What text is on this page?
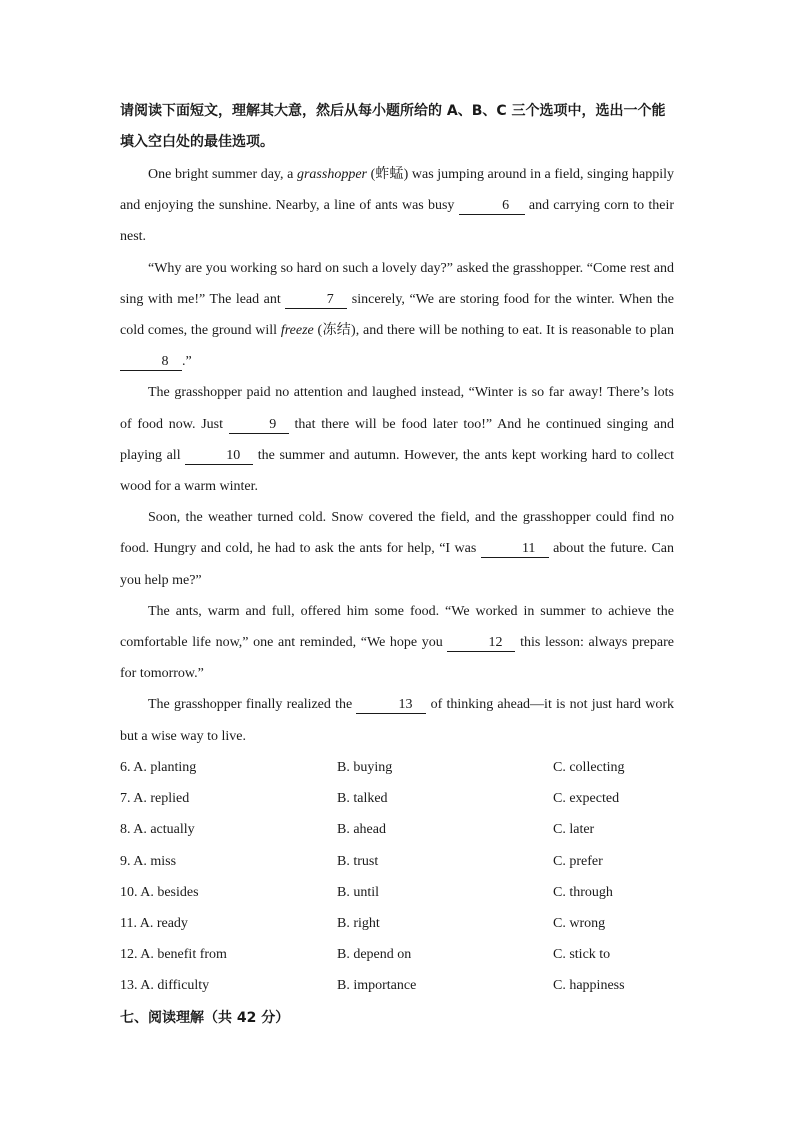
请阅读下面短文，理解其大意，然后从每小题所给的 A、B、C 三个选项中，选出一个能
填入空白处的最佳选项。

One bright summer day, a grasshopper (蚱蜢) was jumping around in a field, singing happily and enjoying the sunshine. Nearby, a line of ants was busy	6 and carrying corn to their nest.

“Why are you working so hard on such a lovely day?” asked the grasshopper. “Come rest and sing with me!” The lead ant	7 sincerely, “We are storing food for the winter. When the cold comes, the ground will freeze (冻结), and there will be nothing to eat. It is reasonable to plan 8 .”

The grasshopper paid no attention and laughed instead, “Winter is so far away! There’s lots of food now. Just	9 that there will be food later too!” And he continued singing and playing all	10 the summer and autumn. However, the ants kept working hard to collect wood for a warm winter.

Soon, the weather turned cold. Snow covered the field, and the grasshopper could find no food. Hungry and cold, he had to ask the ants for help, “I was	11 about the future. Can you help me?”

The ants, warm and full, offered him some food. “We worked in summer to achieve the comfortable life now,” one ant reminded, “We hope you	12 this lesson: always prepare for tomorrow.”

The grasshopper finally realized the	13 of thinking ahead—it is not just hard work but a wise way to live.

6. A. planting	B. buying	C. collecting
7. A. replied	B. talked	C. expected
8. A. actually	B. ahead	C. later
9. A. miss	B. trust	C. prefer
10. A. besides	B. until	C. through
11. A. ready	B. right	C. wrong
12. A. benefit from	B. depend on	C. stick to
13. A. difficulty	B. importance	C. happiness
七、阅读理解（共 42 分）
